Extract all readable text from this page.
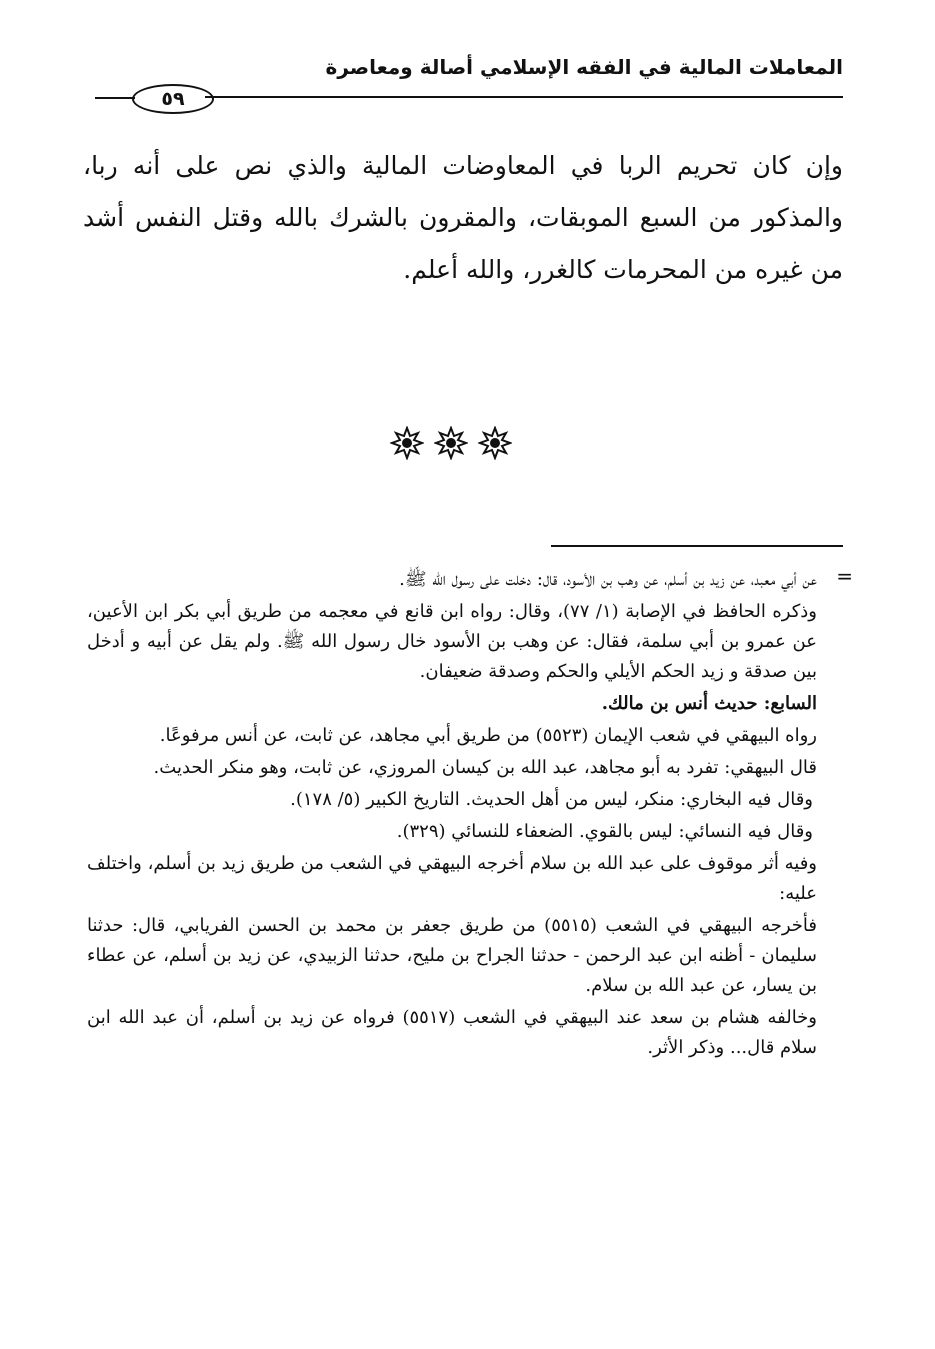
المعاملات المالية في الفقه الإسلامي أصالة ومعاصرة
٥٩
وإن كان تحريم الربا في المعاوضات المالية والذي نص على أنه ربا، والمذكور من السبع الموبقات، والمقرون بالشرك بالله وقتل النفس أشد من غيره من المحرمات كالغرر، والله أعلم.
=

عن أبي معبد، عن زيد بن أسلم، عن وهب بن الأسود، قال: دخلت على رسول الله ﷺ.

وذكره الحافظ في الإصابة (١/ ٧٧)، وقال: رواه ابن قانع في معجمه من طريق أبي بكر ابن الأعين، عن عمرو بن أبي سلمة، فقال: عن وهب بن الأسود خال رسول الله ﷺ. ولم يقل عن أبيه و أدخل بين صدقة و زيد الحكم الأيلي والحكم وصدقة ضعيفان.

السابع: حديث أنس بن مالك.

رواه البيهقي في شعب الإيمان (٥٥٢٣) من طريق أبي مجاهد، عن ثابت، عن أنس مرفوعًا.

قال البيهقي: تفرد به أبو مجاهد، عبد الله بن كيسان المروزي، عن ثابت، وهو منكر الحديث.

وقال فيه البخاري: منكر، ليس من أهل الحديث. التاريخ الكبير (٥/ ١٧٨).

وقال فيه النسائي: ليس بالقوي. الضعفاء للنسائي (٣٢٩).

وفيه أثر موقوف على عبد الله بن سلام أخرجه البيهقي في الشعب من طريق زيد بن أسلم، واختلف عليه:

فأخرجه البيهقي في الشعب (٥٥١٥) من طريق جعفر بن محمد بن الحسن الفريابي، قال: حدثنا سليمان - أظنه ابن عبد الرحمن - حدثنا الجراح بن مليح، حدثنا الزبيدي، عن زيد بن أسلم، عن عطاء بن يسار، عن عبد الله بن سلام.

وخالفه هشام بن سعد عند البيهقي في الشعب (٥٥١٧) فرواه عن زيد بن أسلم، أن عبد الله ابن سلام قال... وذكر الأثر.
